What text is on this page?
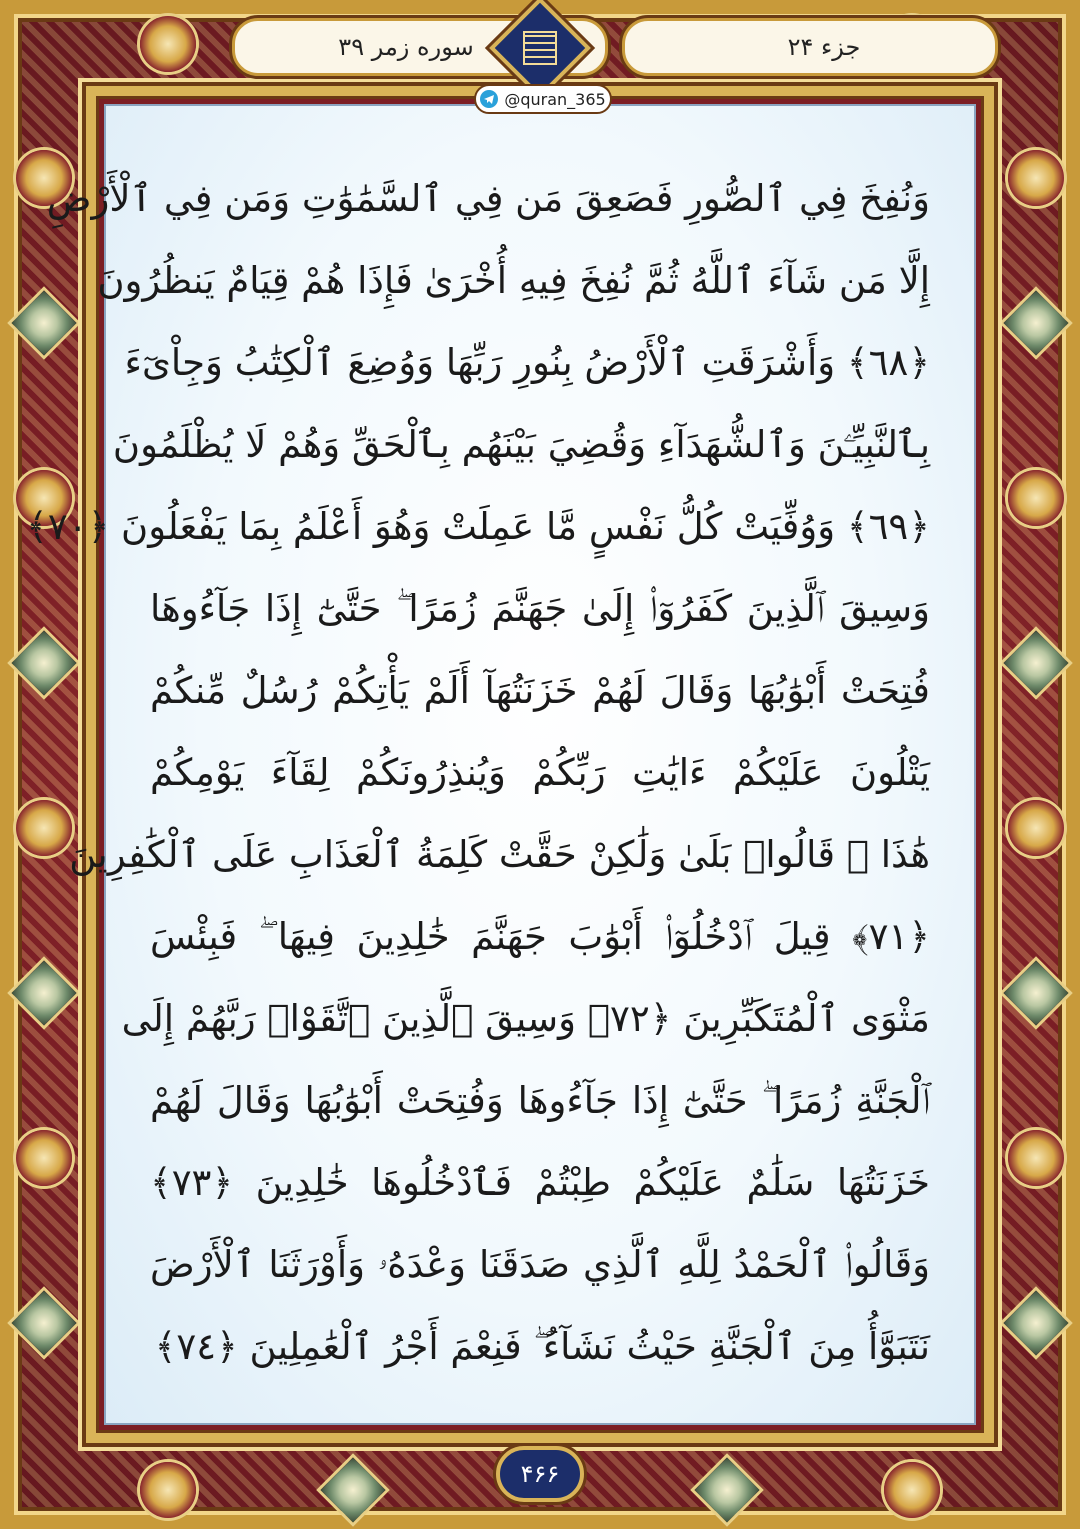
سوره زمر ۳۹	جزء ۲۴
@quran_365
وَنُفِخَ فِي ٱلصُّورِ فَصَعِقَ مَن فِي ٱلسَّمَٰوَٰتِ وَمَن فِي ٱلْأَرْضِ
إِلَّا مَن شَآءَ ٱللَّهُ ثُمَّ نُفِخَ فِيهِ أُخْرَىٰ فَإِذَا هُمْ قِيَامٌ يَنظُرُونَ
﴿٦٨﴾ وَأَشْرَقَتِ ٱلْأَرْضُ بِنُورِ رَبِّهَا وَوُضِعَ ٱلْكِتَٰبُ وَجِاْىٓءَ
بِٱلنَّبِيِّـۧنَ وَٱلشُّهَدَآءِ وَقُضِيَ بَيْنَهُم بِٱلْحَقِّ وَهُمْ لَا يُظْلَمُونَ
﴿٦٩﴾ وَوُفِّيَتْ كُلُّ نَفْسٍ مَّا عَمِلَتْ وَهُوَ أَعْلَمُ بِمَا يَفْعَلُونَ ﴿٧٠﴾
وَسِيقَ ٱلَّذِينَ كَفَرُوٓا۟ إِلَىٰ جَهَنَّمَ زُمَرًا ۖ حَتَّىٰٓ إِذَا جَآءُوهَا
فُتِحَتْ أَبْوَٰبُهَا وَقَالَ لَهُمْ خَزَنَتُهَآ أَلَمْ يَأْتِكُمْ رُسُلٌ مِّنكُمْ
يَتْلُونَ عَلَيْكُمْ ءَايَٰتِ رَبِّكُمْ وَيُنذِرُونَكُمْ لِقَآءَ يَوْمِكُمْ
هَٰذَا ۚ قَالُوا۟ بَلَىٰ وَلَٰكِنْ حَقَّتْ كَلِمَةُ ٱلْعَذَابِ عَلَى ٱلْكَٰفِرِينَ
﴿٧١﴾ قِيلَ ٱدْخُلُوٓا۟ أَبْوَٰبَ جَهَنَّمَ خَٰلِدِينَ فِيهَا ۖ فَبِئْسَ
مَثْوَى ٱلْمُتَكَبِّرِينَ ﴿٧٢﴾ وَسِيقَ ٱلَّذِينَ ٱتَّقَوْا۟ رَبَّهُمْ إِلَى
ٱلْجَنَّةِ زُمَرًا ۖ حَتَّىٰٓ إِذَا جَآءُوهَا وَفُتِحَتْ أَبْوَٰبُهَا وَقَالَ لَهُمْ
خَزَنَتُهَا سَلَٰمٌ عَلَيْكُمْ طِبْتُمْ فَٱدْخُلُوهَا خَٰلِدِينَ ﴿٧٣﴾
وَقَالُوا۟ ٱلْحَمْدُ لِلَّهِ ٱلَّذِي صَدَقَنَا وَعْدَهُۥ وَأَوْرَثَنَا ٱلْأَرْضَ
نَتَبَوَّأُ مِنَ ٱلْجَنَّةِ حَيْثُ نَشَآءُ ۖ فَنِعْمَ أَجْرُ ٱلْعَٰمِلِينَ ﴿٧٤﴾
۴۶۶
